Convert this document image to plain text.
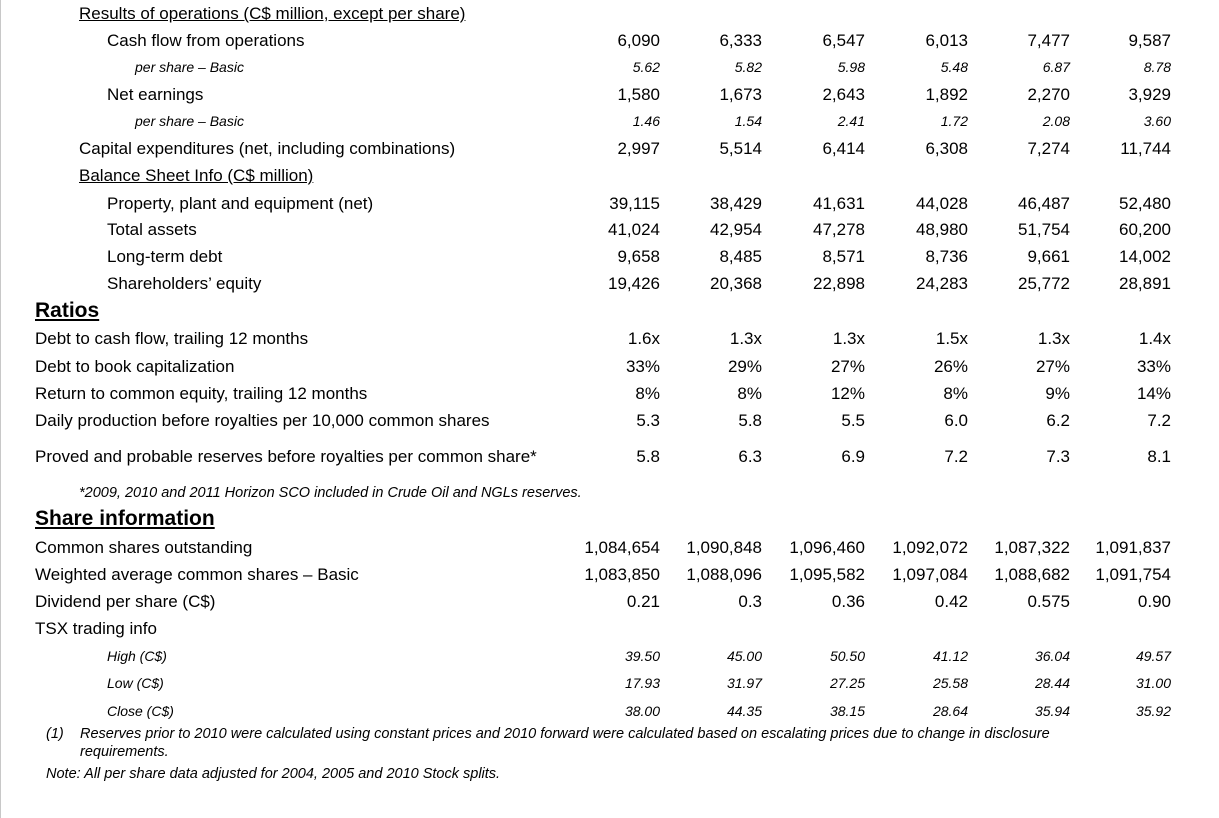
Results of operations (C$ million, except per share)
Cash flow from operations	6,090	6,333	6,547	6,013	7,477	9,587
per share – Basic	5.62	5.82	5.98	5.48	6.87	8.78
Net earnings	1,580	1,673	2,643	1,892	2,270	3,929
per share – Basic	1.46	1.54	2.41	1.72	2.08	3.60
Capital expenditures (net, including combinations)	2,997	5,514	6,414	6,308	7,274	11,744
Balance Sheet Info (C$ million)
Property, plant and equipment (net)	39,115	38,429	41,631	44,028	46,487	52,480
Total assets	41,024	42,954	47,278	48,980	51,754	60,200
Long-term debt	9,658	8,485	8,571	8,736	9,661	14,002
Shareholders’ equity	19,426	20,368	22,898	24,283	25,772	28,891
Ratios
Debt to cash flow, trailing 12 months	1.6x	1.3x	1.3x	1.5x	1.3x	1.4x
Debt to book capitalization	33%	29%	27%	26%	27%	33%
Return to common equity, trailing 12 months	8%	8%	12%	8%	9%	14%
Daily production before royalties per 10,000 common shares	5.3	5.8	5.5	6.0	6.2	7.2
Proved and probable reserves before royalties per common share*	5.8	6.3	6.9	7.2	7.3	8.1
*2009, 2010 and 2011 Horizon SCO included in Crude Oil and NGLs reserves.
Share information
Common shares outstanding	1,084,654	1,090,848	1,096,460	1,092,072	1,087,322	1,091,837
Weighted average common shares – Basic	1,083,850	1,088,096	1,095,582	1,097,084	1,088,682	1,091,754
Dividend per share (C$)	0.21	0.3	0.36	0.42	0.575	0.90
TSX trading info
High (C$)	39.50	45.00	50.50	41.12	36.04	49.57
Low (C$)	17.93	31.97	27.25	25.58	28.44	31.00
Close (C$)	38.00	44.35	38.15	28.64	35.94	35.92
(1) Reserves prior to 2010 were calculated using constant prices and 2010 forward were calculated based on escalating prices due to change in disclosure
requirements.
Note: All per share data adjusted for 2004, 2005 and 2010 Stock splits.
